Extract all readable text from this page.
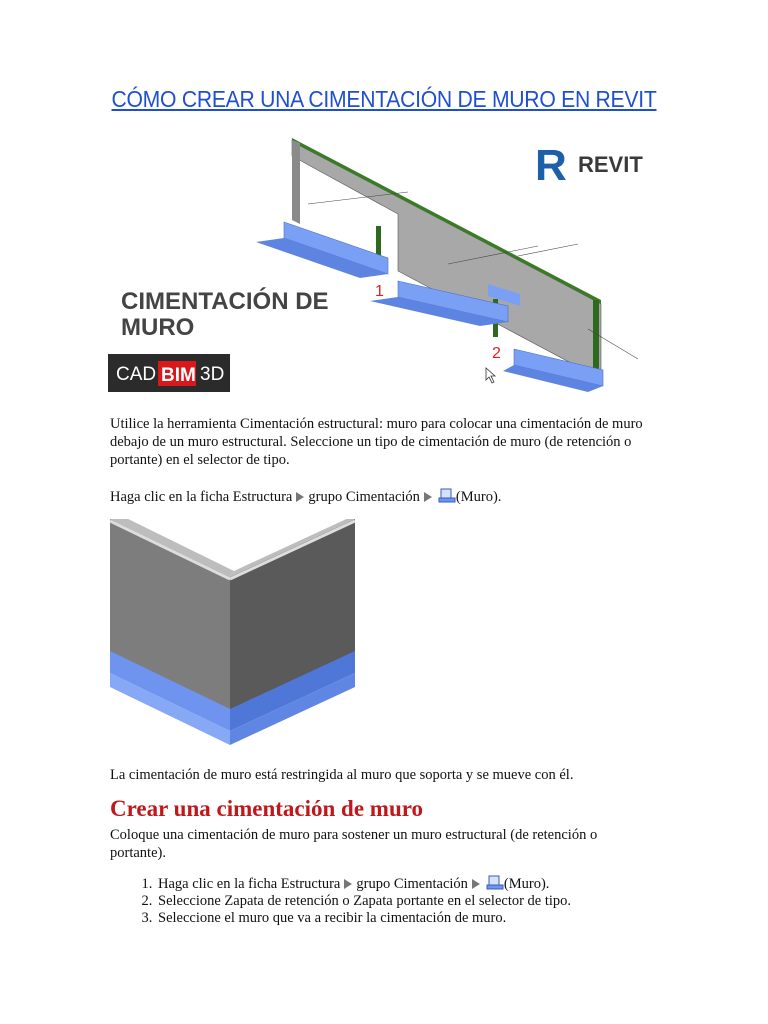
CÓMO CREAR UNA CIMENTACIÓN DE MURO EN REVIT
1
2
CIMENTACIÓN DE
MURO
CAD BIM 3D
R REVIT

Utilice la herramienta Cimentación estructural: muro para colocar una cimentación de muro debajo de un muro estructural. Seleccione un tipo de cimentación de muro (de retención o portante) en el selector de tipo.

Haga clic en la ficha Estructura grupo Cimentación (Muro).

La cimentación de muro está restringida al muro que soporta y se mueve con él.

Crear una cimentación de muro

Coloque una cimentación de muro para sostener un muro estructural (de retención o portante).

1. Haga clic en la ficha Estructura grupo Cimentación (Muro).
2. Seleccione Zapata de retención o Zapata portante en el selector de tipo.
3. Seleccione el muro que va a recibir la cimentación de muro.
